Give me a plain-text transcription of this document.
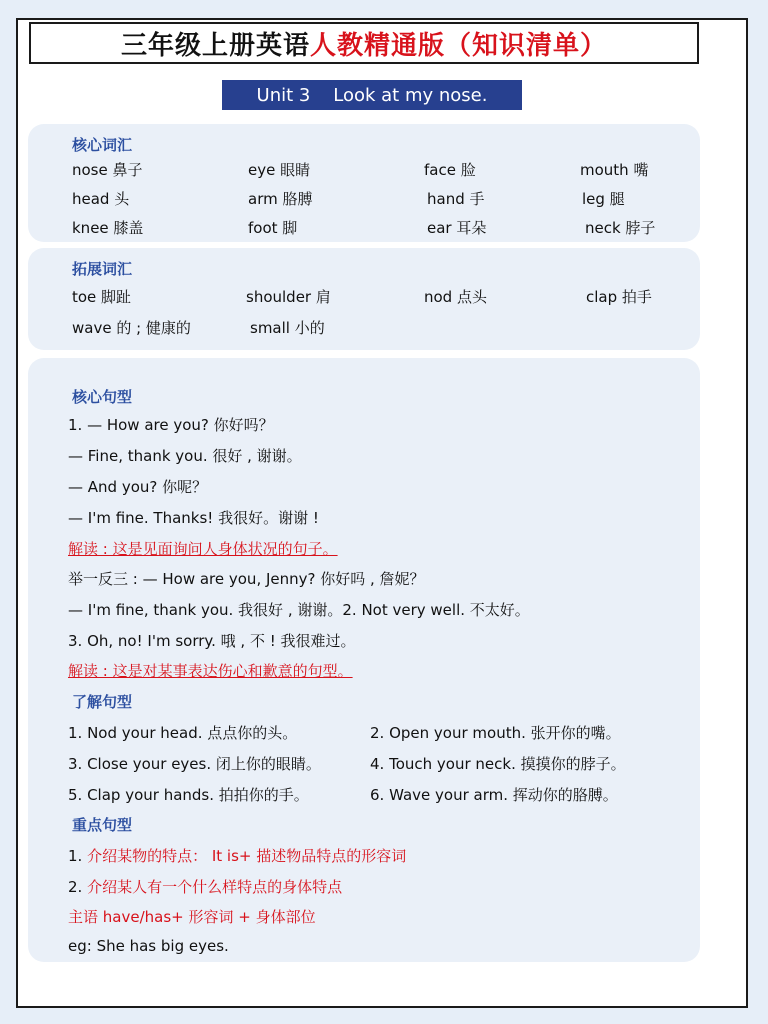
三年级上册英语 人教精通版（知识清单）
Unit 3    Look at my nose.
核心词汇
nose 鼻子	eye 眼睛	face 脸	mouth 嘴
head 头	arm 胳膊	hand 手	leg 腿
knee 膝盖	foot 脚	ear 耳朵	neck 脖子
拓展词汇
toe 脚趾	shoulder 肩	nod 点头	clap 拍手
wave 的 ; 健康的	small 小的
核心句型
1. — How are you? 你好吗？
— Fine, thank you. 很好 , 谢谢。
— And you? 你呢？
— I'm fine. Thanks! 我很好。谢谢 !
解读 : 这是见面询问人身体状况的句子。
举一反三 : — How are you, Jenny? 你好吗 , 詹妮？
— I'm fine, thank you. 我很好 , 谢谢。2. Not very well. 不太好。
3. Oh, no! I'm sorry. 哦 , 不 ! 我很难过。
解读 : 这是对某事表达伤心和歉意的句型。
了解句型
1. Nod your head. 点点你的头。	2. Open your mouth. 张开你的嘴。
3. Close your eyes. 闭上你的眼睛。	4. Touch your neck. 摸摸你的脖子。
5. Clap your hands. 拍拍你的手。	6. Wave your arm. 挥动你的胳膊。
重点句型
1. 介绍某物的特点： It is+ 描述物品特点的形容词
2. 介绍某人有一个什么样特点的身体特点
主语 have/has+ 形容词 + 身体部位
eg: She has big eyes.
